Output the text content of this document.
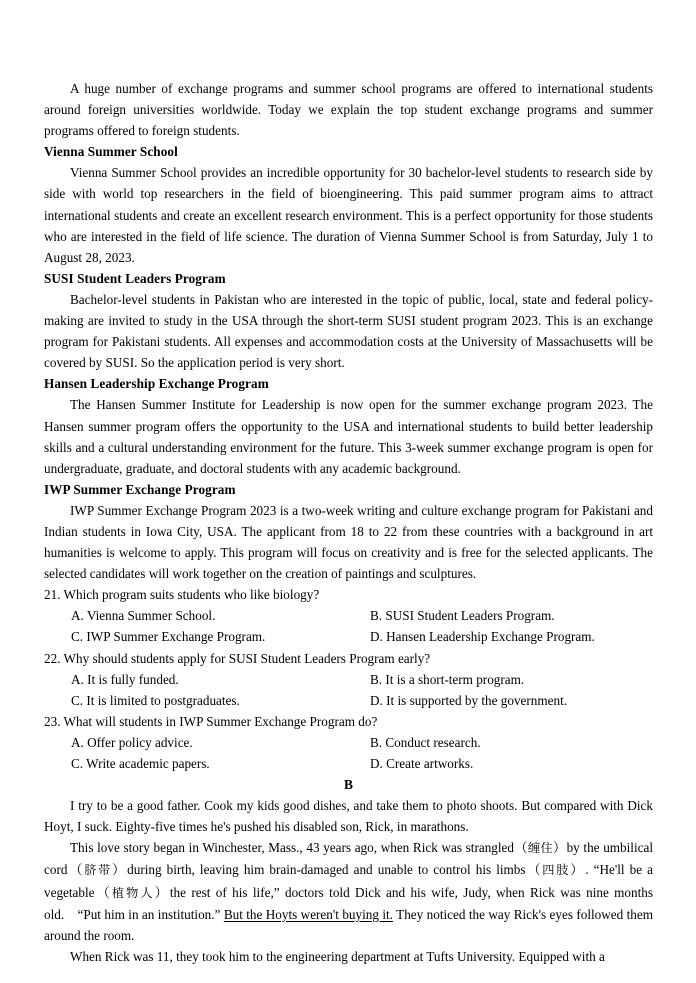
A huge number of exchange programs and summer school programs are offered to international students around foreign universities worldwide. Today we explain the top student exchange programs and summer programs offered to foreign students.

Vienna Summer School

Vienna Summer School provides an incredible opportunity for 30 bachelor-level students to research side by side with world top researchers in the field of bioengineering. This paid summer program aims to attract international students and create an excellent research environment. This is a perfect opportunity for those students who are interested in the field of life science. The duration of Vienna Summer School is from Saturday, July 1 to August 28, 2023.

SUSI Student Leaders Program

Bachelor-level students in Pakistan who are interested in the topic of public, local, state and federal policy-making are invited to study in the USA through the short-term SUSI student program 2023. This is an exchange program for Pakistani students. All expenses and accommodation costs at the University of Massachusetts will be covered by SUSI. So the application period is very short.

Hansen Leadership Exchange Program

The Hansen Summer Institute for Leadership is now open for the summer exchange program 2023. The Hansen summer program offers the opportunity to the USA and international students to build better leadership skills and a cultural understanding environment for the future. This 3-week summer exchange program is open for undergraduate, graduate, and doctoral students with any academic background.

IWP Summer Exchange Program

IWP Summer Exchange Program 2023 is a two-week writing and culture exchange program for Pakistani and Indian students in Iowa City, USA. The applicant from 18 to 22 from these countries with a background in art humanities is welcome to apply. This program will focus on creativity and is free for the selected applicants. The selected candidates will work together on the creation of paintings and sculptures.

21. Which program suits students who like biology?

A. Vienna Summer School.	B. SUSI Student Leaders Program.
C. IWP Summer Exchange Program.	D. Hansen Leadership Exchange Program.

22. Why should students apply for SUSI Student Leaders Program early?

A. It is fully funded.	B. It is a short-term program.
C. It is limited to postgraduates.	D. It is supported by the government.

23. What will students in IWP Summer Exchange Program do?

A. Offer policy advice.	B. Conduct research.
C. Write academic papers.	D. Create artworks.

B

I try to be a good father. Cook my kids good dishes, and take them to photo shoots. But compared with Dick Hoyt, I suck. Eighty-five times he's pushed his disabled son, Rick, in marathons.

This love story began in Winchester, Mass., 43 years ago, when Rick was strangled（缠住）by the umbilical cord（脐带）during birth, leaving him brain-damaged and unable to control his limbs（四肢）. “He'll be a vegetable（植物人）the rest of his life,” doctors told Dick and his wife, Judy, when Rick was nine months old.　“Put him in an institution.” But the Hoyts weren't buying it. They noticed the way Rick's eyes followed them around the room.

When Rick was 11, they took him to the engineering department at Tufts University. Equipped with a
